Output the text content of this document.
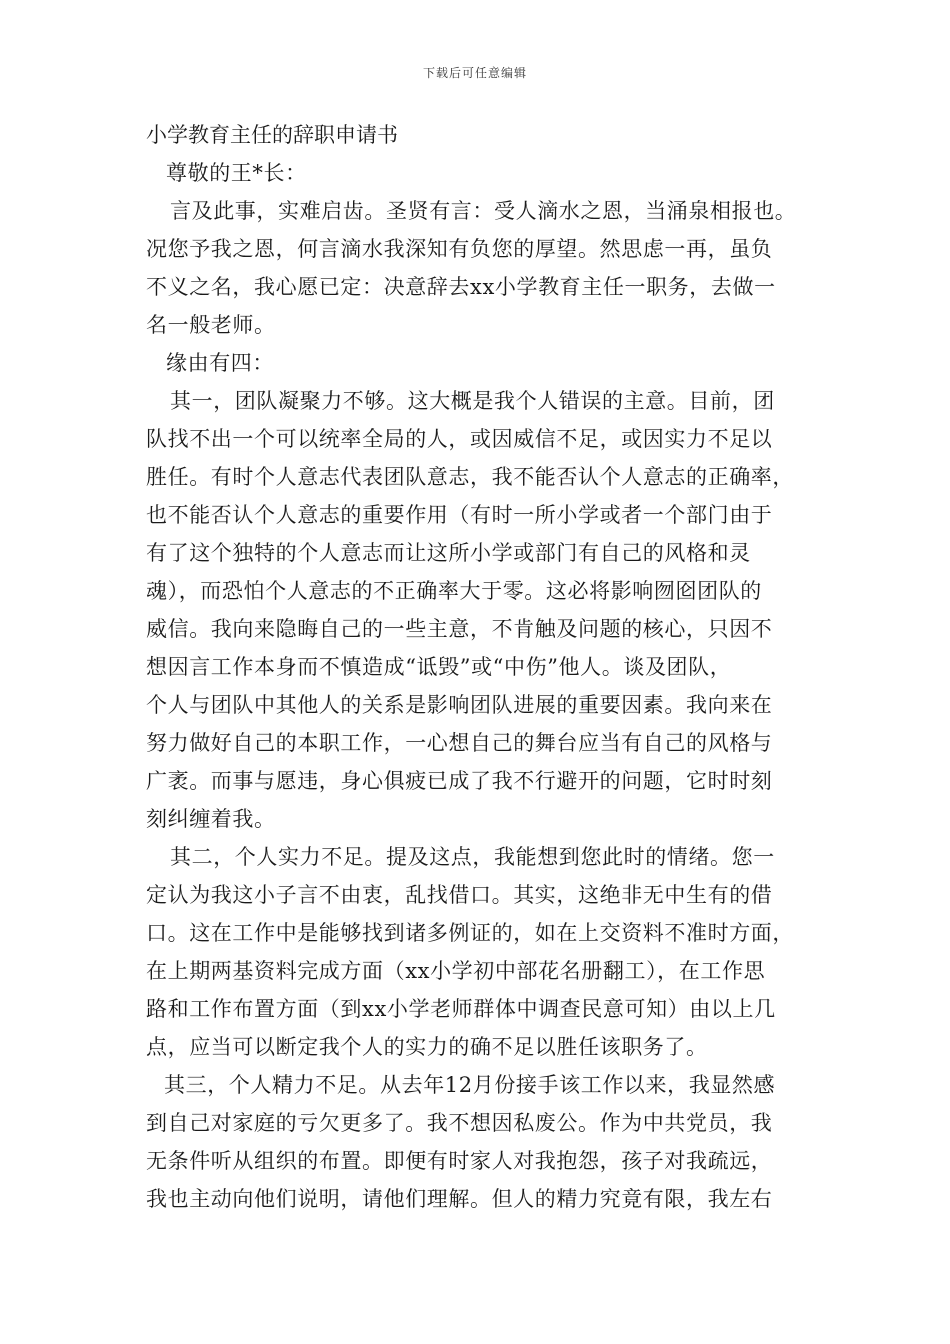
下载后可任意编辑

小学教育主任的辞职申请书

尊敬的王*长：

言及此事，实难启齿。圣贤有言：受人滴水之恩，当涌泉相报也。

况您予我之恩，何言滴水我深知有负您的厚望。然思虑一再，虽负

不义之名，我心愿已定：决意辞去xx小学教育主任一职务，去做一

名一般老师。

缘由有四：

其一，团队凝聚力不够。这大概是我个人错误的主意。目前，团

队找不出一个可以统率全局的人，或因威信不足，或因实力不足以

胜任。有时个人意志代表团队意志，我不能否认个人意志的正确率，

也不能否认个人意志的重要作用（有时一所小学或者一个部门由于

有了这个独特的个人意志而让这所小学或部门有自己的风格和灵

魂），而恐怕个人意志的不正确率大于零。这必将影响囫囵团队的

威信。我向来隐晦自己的一些主意，不肯触及问题的核心，只因不

想因言工作本身而不慎造成“诋毁”或“中伤”他人。谈及团队，

个人与团队中其他人的关系是影响团队进展的重要因素。我向来在

努力做好自己的本职工作，一心想自己的舞台应当有自己的风格与

广袤。而事与愿违，身心俱疲已成了我不行避开的问题，它时时刻

刻纠缠着我。

其二，个人实力不足。提及这点，我能想到您此时的情绪。您一

定认为我这小子言不由衷，乱找借口。其实，这绝非无中生有的借

口。这在工作中是能够找到诸多例证的，如在上交资料不准时方面，

在上期两基资料完成方面（xx小学初中部花名册翻工），在工作思

路和工作布置方面（到xx小学老师群体中调查民意可知）由以上几

点，应当可以断定我个人的实力的确不足以胜任该职务了。

其三，个人精力不足。从去年12月份接手该工作以来，我显然感

到自己对家庭的亏欠更多了。我不想因私废公。作为中共党员，我

无条件听从组织的布置。即便有时家人对我抱怨，孩子对我疏远，

我也主动向他们说明，请他们理解。但人的精力究竟有限，我左右
